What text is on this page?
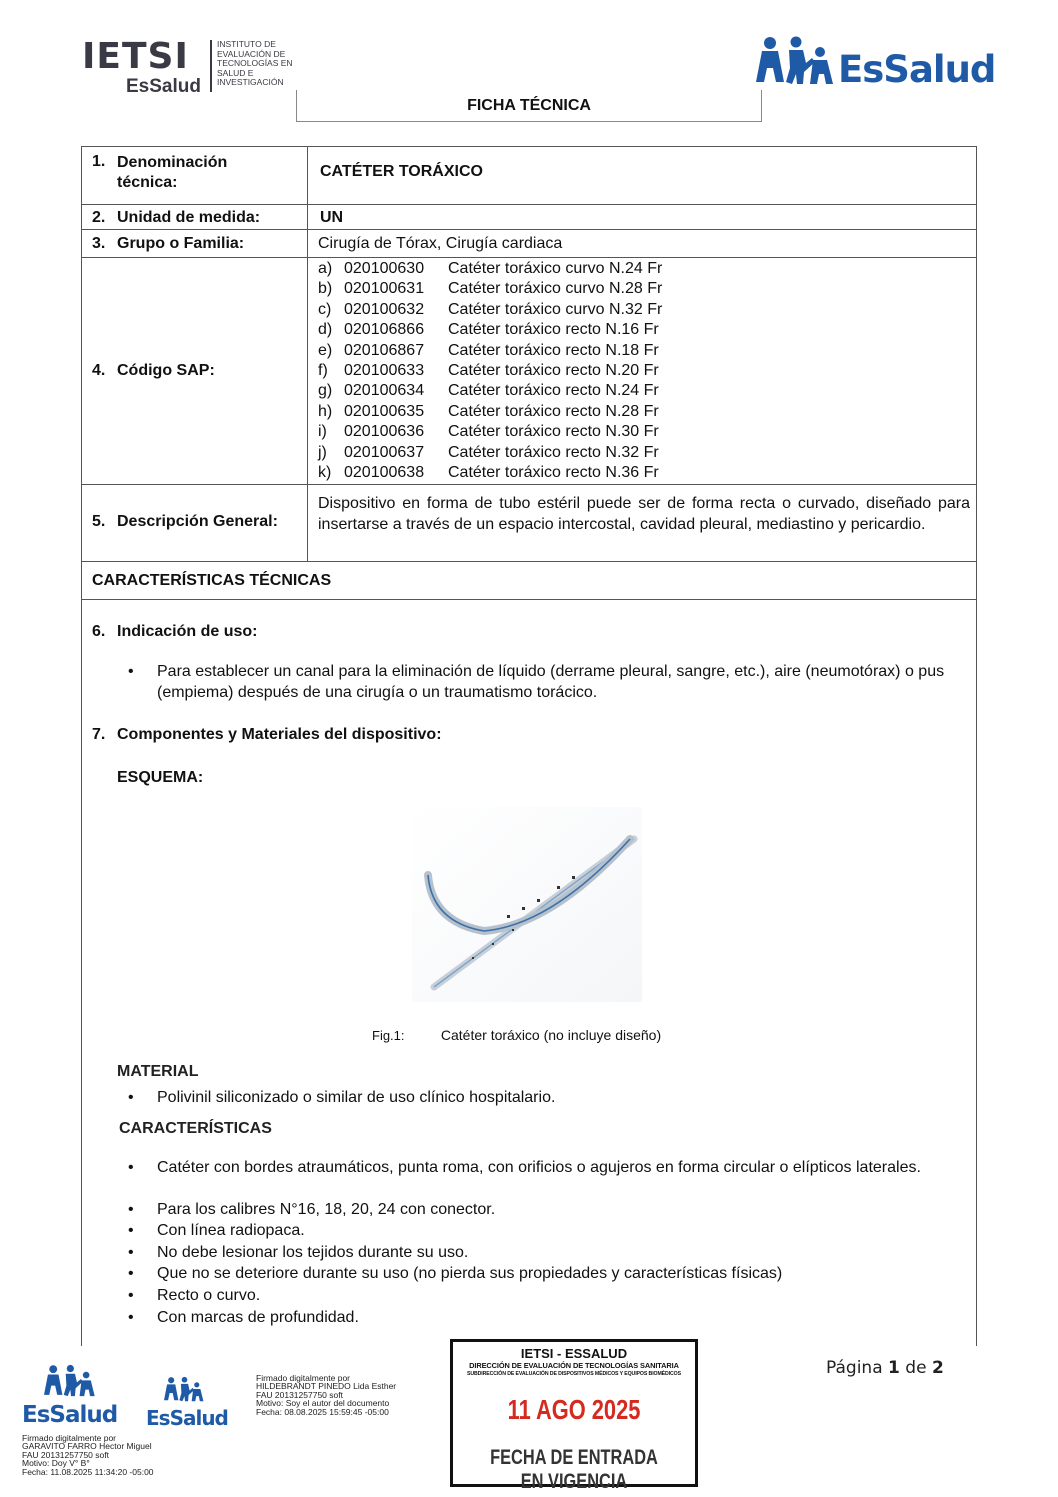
IETSI
EsSalud
INSTITUTO DE EVALUACIÓN DE TECNOLOGÍAS EN SALUD E INVESTIGACIÓN	EsSalud
FICHA TÉCNICA
1. Denominación técnica:
CATÉTER TORÁXICO
2. Unidad de medida:	UN
3. Grupo o Familia:	Cirugía de Tórax, Cirugía cardiaca
4. Código SAP:
a) 020100630 Catéter toráxico curvo N.24 Fr
b) 020100631 Catéter toráxico curvo N.28 Fr
c) 020100632 Catéter toráxico curvo N.32 Fr
d) 020106866 Catéter toráxico recto N.16 Fr
e) 020106867 Catéter toráxico recto N.18 Fr
f) 020100633 Catéter toráxico recto N.20 Fr
g) 020100634 Catéter toráxico recto N.24 Fr
h) 020100635 Catéter toráxico recto N.28 Fr
i) 020100636 Catéter toráxico recto N.30 Fr
j) 020100637 Catéter toráxico recto N.32 Fr
k) 020100638 Catéter toráxico recto N.36 Fr
5. Descripción General:
Dispositivo en forma de tubo estéril puede ser de forma recta o curvado, diseñado para insertarse a través de un espacio intercostal, cavidad pleural, mediastino y pericardio.
CARACTERÍSTICAS TÉCNICAS
6. Indicación de uso:
• Para establecer un canal para la eliminación de líquido (derrame pleural, sangre, etc.), aire (neumotórax) o pus (empiema) después de una cirugía o un traumatismo torácico.
7. Componentes y Materiales del dispositivo:
ESQUEMA:
Fig.1:	Catéter toráxico (no incluye diseño)
MATERIAL
• Polivinil siliconizado o similar de uso clínico hospitalario.
CARACTERÍSTICAS
• Catéter con bordes atraumáticos, punta roma, con orificios o agujeros en forma circular o elípticos laterales.
• Para los calibres N°16, 18, 20, 24 con conector.
• Con línea radiopaca.
• No debe lesionar los tejidos durante su uso.
• Que no se deteriore durante su uso (no pierda sus propiedades y características físicas)
• Recto o curvo.
• Con marcas de profundidad.
EsSalud EsSalud
Firmado digitalmente por
GARAVITO FARRO Hector Miguel
FAU 20131257750 soft
Motivo: Doy V° B°
Fecha: 11.08.2025 11:34:20 -05:00
Firmado digitalmente por
HILDEBRANDT PINEDO Lida Esther
FAU 20131257750 soft
Motivo: Soy el autor del documento
Fecha: 08.08.2025 15:59:45 -05:00
IETSI - ESSALUD
DIRECCIÓN DE EVALUACIÓN DE TECNOLOGÍAS SANITARIA
SUBDIRECCIÓN DE EVALUACIÓN DE DISPOSITIVOS MÉDICOS Y EQUIPOS BIOMÉDICOS
11 AGO 2025
FECHA DE ENTRADA EN VIGENCIA
Página 1 de 2
